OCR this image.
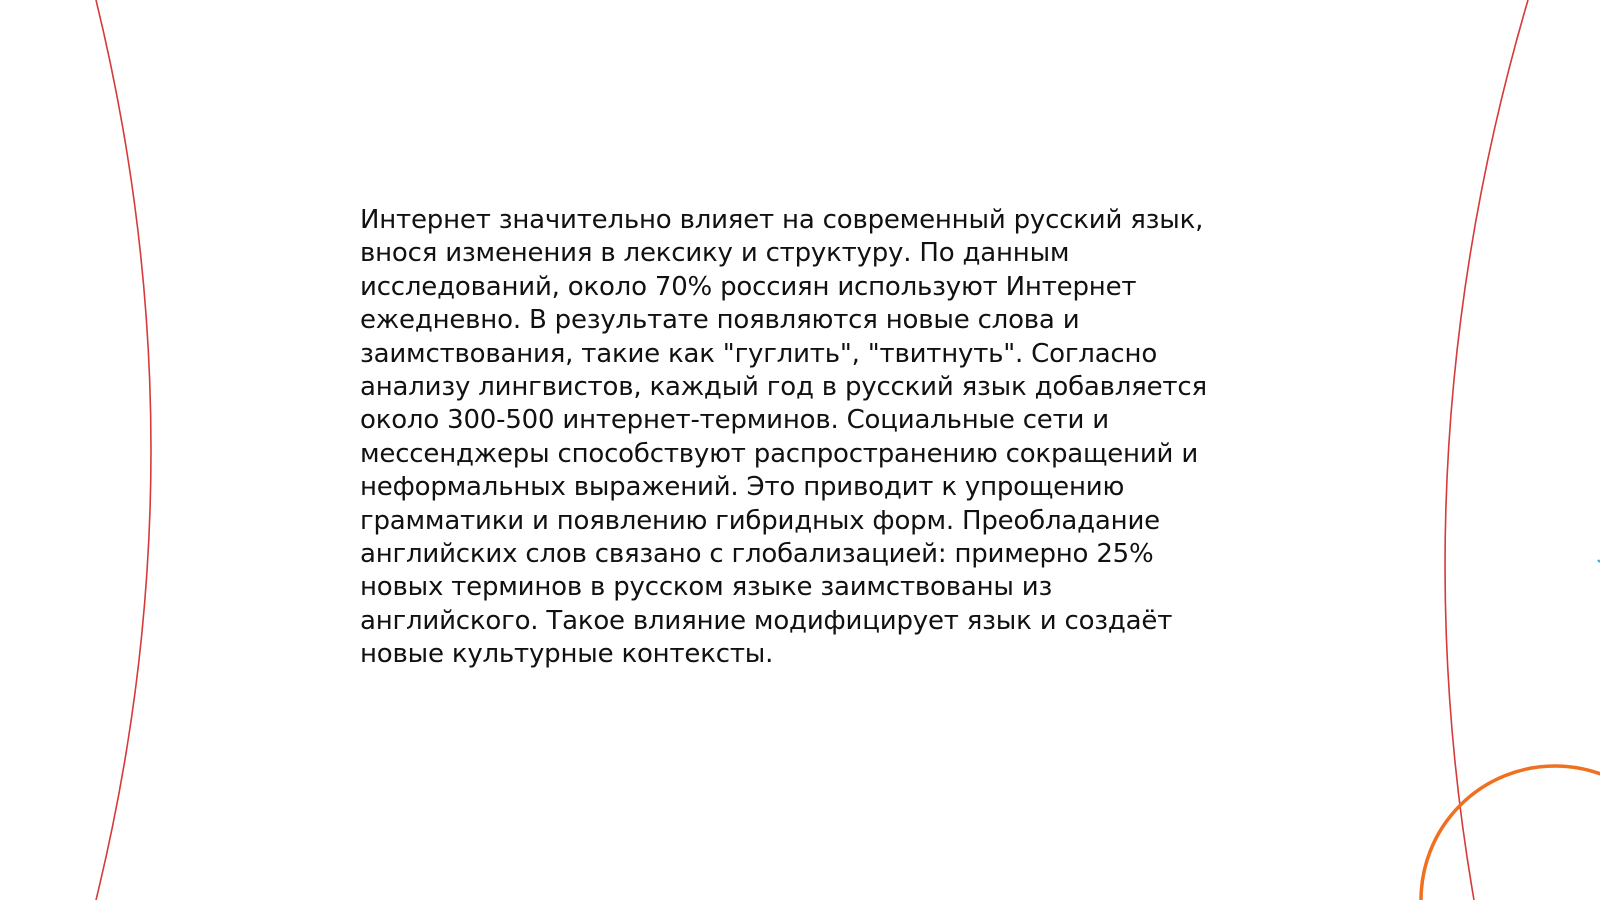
Интернет значительно влияет на современный русский язык,
внося изменения в лексику и структуру. По данным
исследований, около 70% россиян используют Интернет
ежедневно. В результате появляются новые слова и
заимствования, такие как "гуглить", "твитнуть". Согласно
анализу лингвистов, каждый год в русский язык добавляется
около 300-500 интернет-терминов. Социальные сети и
мессенджеры способствуют распространению сокращений и
неформальных выражений. Это приводит к упрощению
грамматики и появлению гибридных форм. Преобладание
английских слов связано с глобализацией: примерно 25%
новых терминов в русском языке заимствованы из
английского. Такое влияние модифицирует язык и создаёт
новые культурные контексты.
